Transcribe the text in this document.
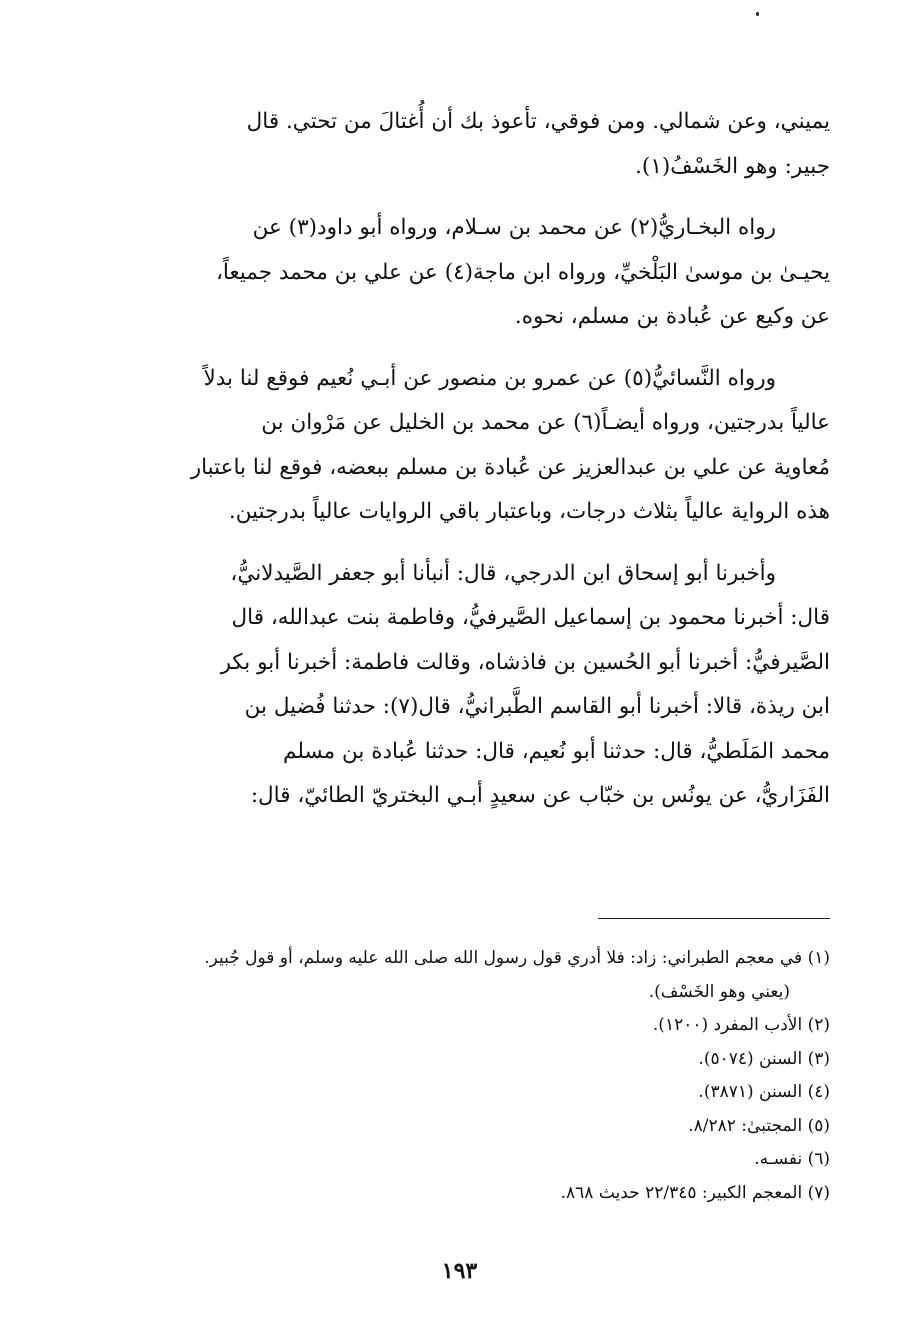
يميني، وعن شمالي. ومن فوقي، تأعوذ بك أن أُغتالَ من تحتي. قال
جبير: وهو الخَسْفُ(١).

رواه البخـاريُّ(٢) عن محمد بن سـلام، ورواه أبو داود(٣) عن
يحيـىٰ بن موسىٰ البَلْخيِّ، ورواه ابن ماجة(٤) عن علي بن محمد جميعاً،
عن وكيع عن عُبادة بن مسلم، نحوه.

ورواه النَّسائيُّ(٥) عن عمرو بن منصور عن أبـي نُعيم فوقع لنا بدلاً
عالياً بدرجتين، ورواه أيضـاً(٦) عن محمد بن الخليل عن مَرْوان بن
مُعاوية عن علي بن عبدالعزيز عن عُبادة بن مسلم ببعضه، فوقع لنا باعتبار
هذه الرواية عالياً بثلاث درجات، وباعتبار باقي الروايات عالياً بدرجتين.

وأخبرنا أبو إسحاق ابن الدرجي، قال: أنبأنا أبو جعفر الصَّيدلانيُّ،
قال: أخبرنا محمود بن إسماعيل الصَّيرفيُّ، وفاطمة بنت عبدالله، قال
الصَّيرفيُّ: أخبرنا أبو الحُسين بن فاذشاه، وقالت فاطمة: أخبرنا أبو بكر
ابن ريذة، قالا: أخبرنا أبو القاسم الطَّبرانيُّ، قال(٧): حدثنا فُضيل بن
محمد المَلَطيُّ، قال: حدثنا أبو نُعيم، قال: حدثنا عُبادة بن مسلم
الفَزَاريُّ، عن يونُس بن خبّاب عن سعيدٍ أبـي البختريّ الطائيّ، قال:

(١) في معجم الطبراني: زاد: فلا أدري قول رسول الله صلى الله عليه وسلم، أو قول جُبير.
(يعني وهو الخَسْف).
(٢) الأدب المفرد (١٢٠٠).
(٣) السنن (٥٠٧٤).
(٤) السنن (٣٨٧١).
(٥) المجتبىٰ: ٨/٢٨٢.
(٦) نفسـه.
(٧) المعجم الكبير: ٢٢/٣٤٥ حديث ٨٦٨.
١٩٣
